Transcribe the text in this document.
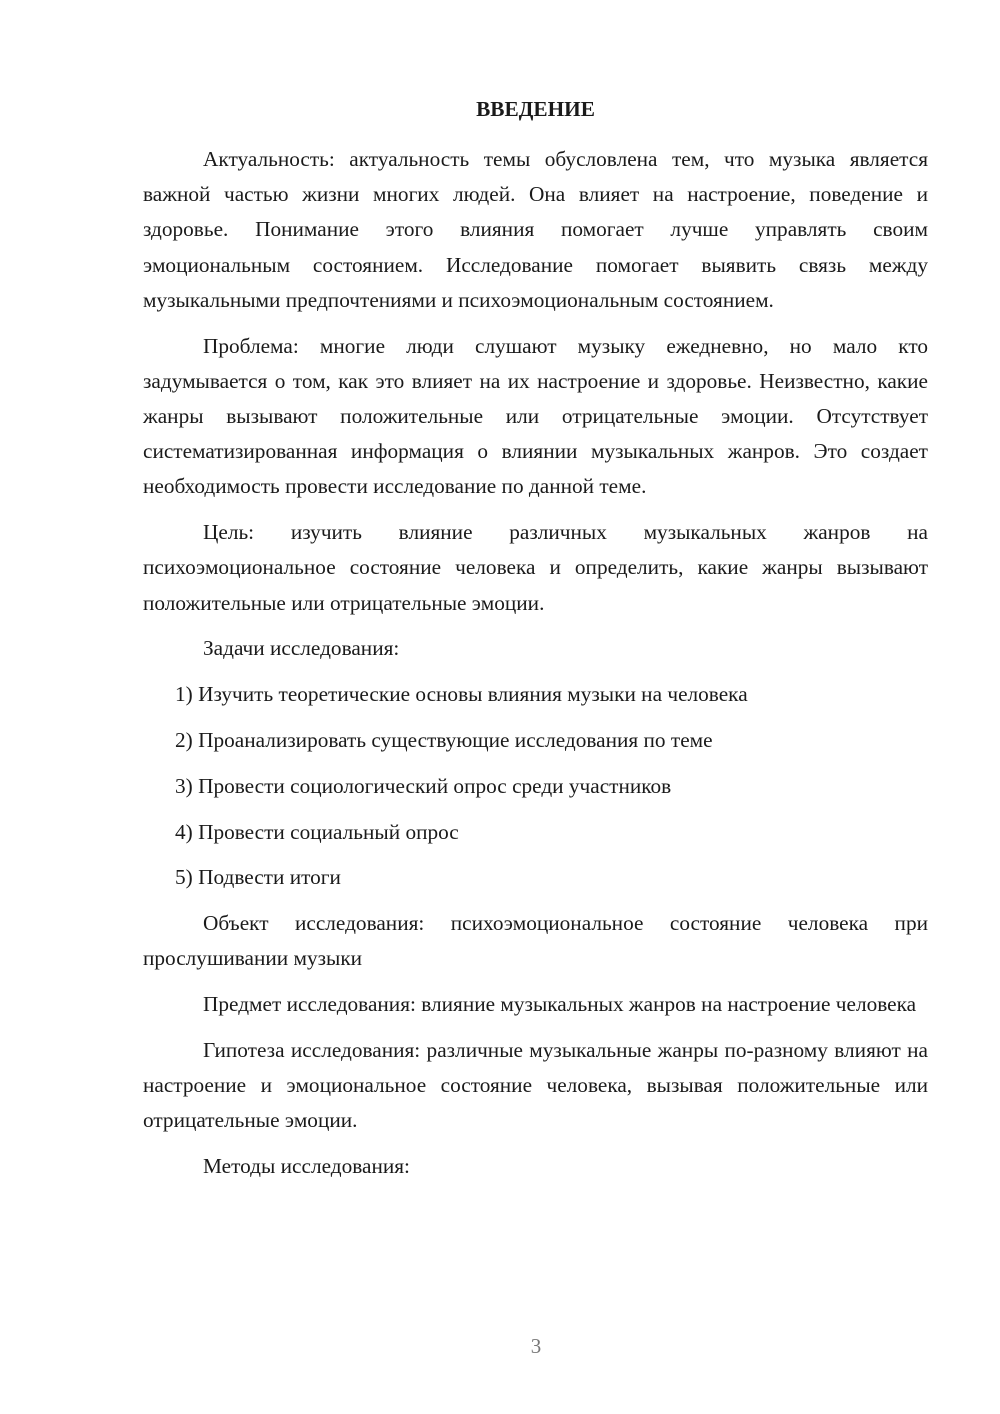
ВВЕДЕНИЕ

Актуальность: актуальность темы обусловлена тем, что музыка является важной частью жизни многих людей. Она влияет на настроение, поведение и здоровье. Понимание этого влияния помогает лучше управлять своим эмоциональным состоянием. Исследование помогает выявить связь между музыкальными предпочтениями и психоэмоциональным состоянием.

Проблема: многие люди слушают музыку ежедневно, но мало кто задумывается о том, как это влияет на их настроение и здоровье. Неизвестно, какие жанры вызывают положительные или отрицательные эмоции. Отсутствует систематизированная информация о влиянии музыкальных жанров. Это создает необходимость провести исследование по данной теме.

Цель: изучить влияние различных музыкальных жанров на психоэмоциональное состояние человека и определить, какие жанры вызывают положительные или отрицательные эмоции.

Задачи исследования:

1) Изучить теоретические основы влияния музыки на человека

2) Проанализировать существующие исследования по теме

3) Провести социологический опрос среди участников

4) Провести социальный опрос

5) Подвести итоги

Объект исследования: психоэмоциональное состояние человека при прослушивании музыки

Предмет исследования: влияние музыкальных жанров на настроение человека

Гипотеза исследования: различные музыкальные жанры по-разному влияют на настроение и эмоциональное состояние человека, вызывая положительные или отрицательные эмоции.

Методы исследования:

3
